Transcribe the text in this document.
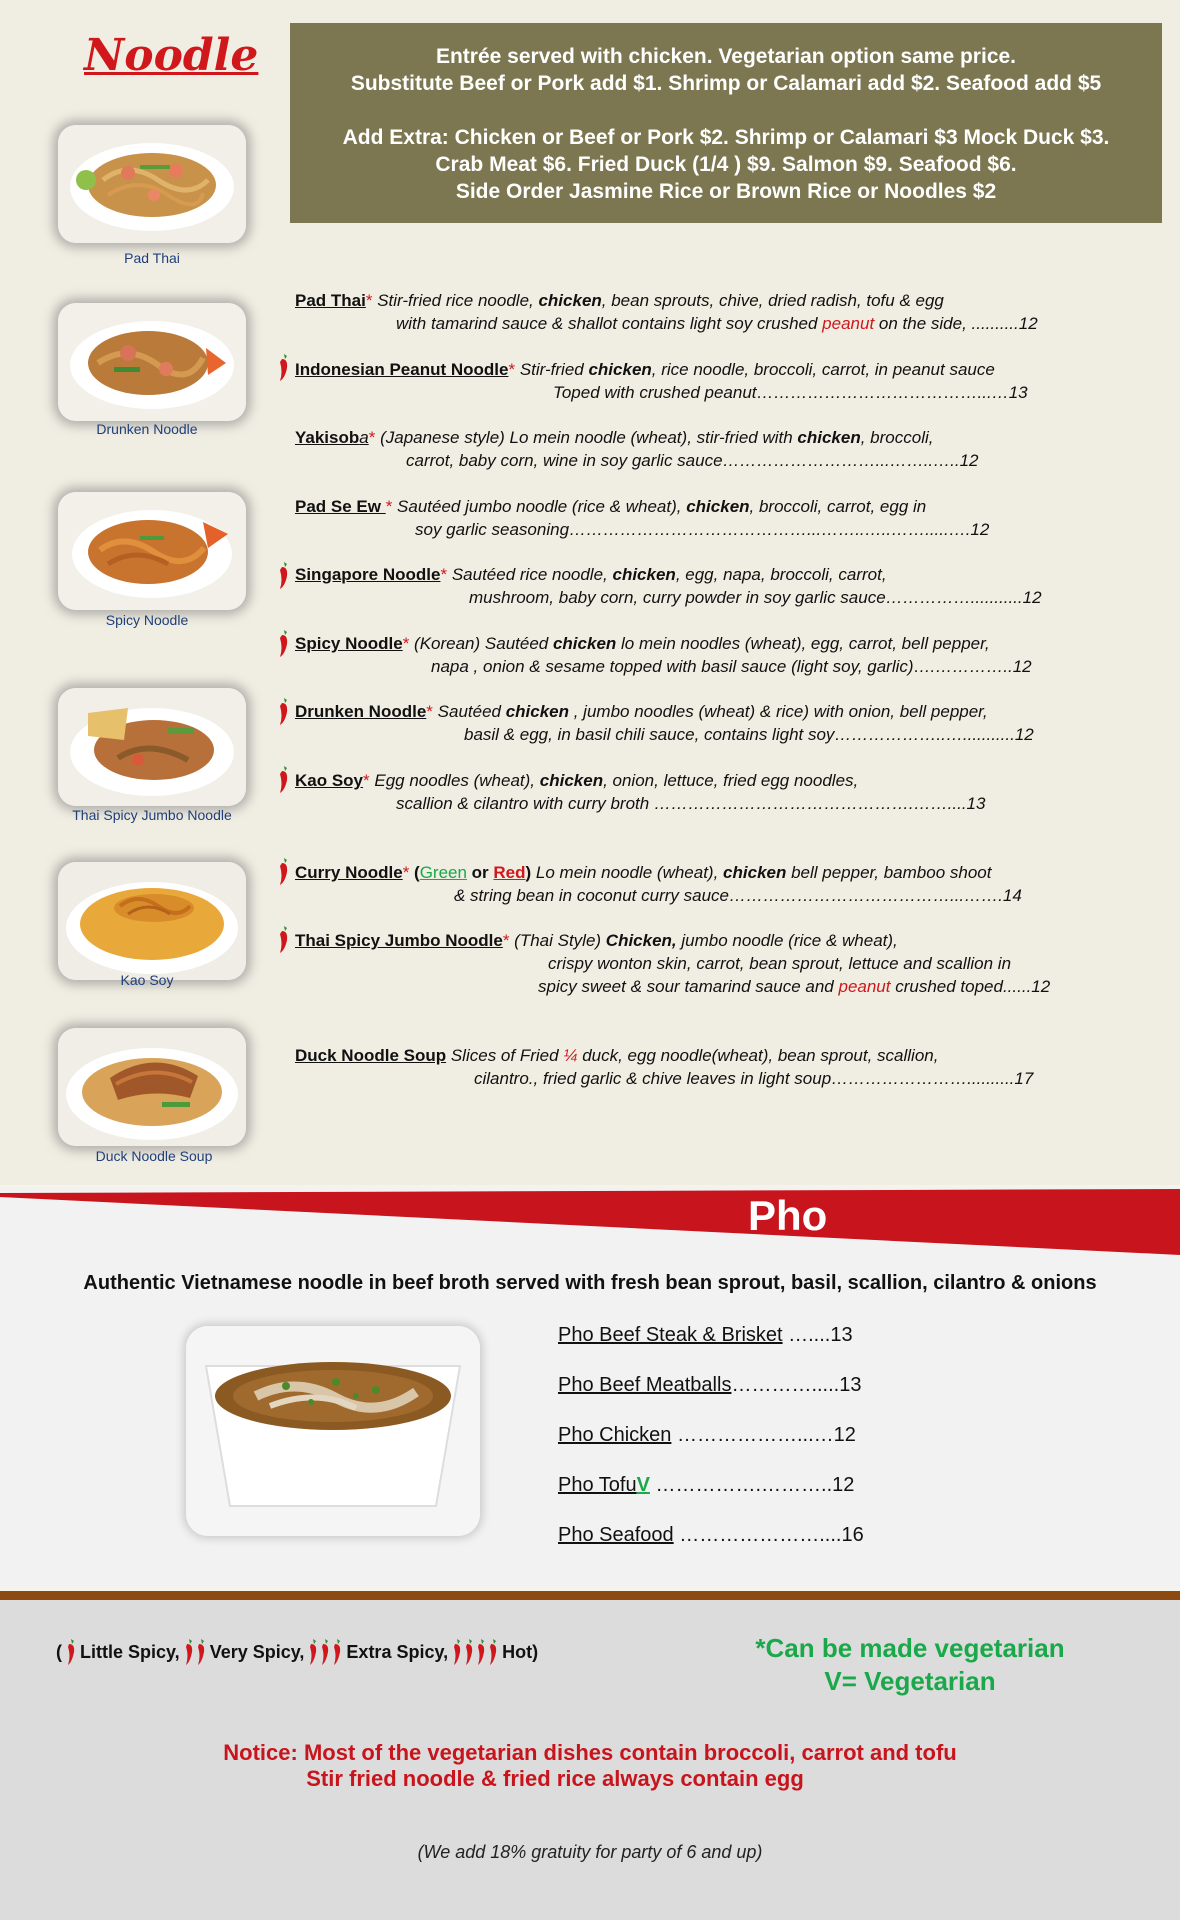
Noodle	Entrée served with chicken. Vegetarian option same price.
Substitute Beef or Pork add $1. Shrimp or Calamari add $2. Seafood add $5
Add Extra: Chicken or Beef or Pork $2. Shrimp or Calamari $3 Mock Duck $3.
Crab Meat $6. Fried Duck (1/4 ) $9. Salmon $9. Seafood $6.
Side Order Jasmine Rice or Brown Rice or Noodles $2
Pad Thai
Drunken Noodle
Spicy Noodle
Thai Spicy Jumbo Noodle
Kao Soy
Duck Noodle Soup
Pad Thai* Stir-fried rice noodle, chicken, bean sprouts, chive, dried radish, tofu & egg
with tamarind sauce & shallot contains light soy crushed peanut on the side, ..........12
Indonesian Peanut Noodle* Stir-fried chicken, rice noodle, broccoli, carrot, in peanut sauce
Toped with crushed peanut…………………………………...…13
Yakisoba* (Japanese style) Lo mein noodle (wheat), stir-fried with chicken, broccoli,
carrot, baby corn, wine in soy garlic sauce………………………...……..…..12
Pad Se Ew * Sautéed jumbo noodle (rice & wheat), chicken, broccoli, carrot, egg in
soy garlic seasoning……………………………………...……..…..…….....….12
Singapore Noodle* Sautéed rice noodle, chicken, egg, napa, broccoli, carrot,
mushroom, baby corn, curry powder in soy garlic sauce……………...........12
Spicy Noodle* (Korean) Sautéed chicken lo mein noodles (wheat), egg, carrot, bell pepper,
napa , onion & sesame topped with basil sauce (light soy, garlic)….…………..12
Drunken Noodle* Sautéed chicken , jumbo noodles (wheat) & rice) with onion, bell pepper,
basil & egg, in basil chili sauce, contains light soy………………..…...........12
Kao Soy* Egg noodles (wheat), chicken, onion, lettuce, fried egg noodles,
scallion & cilantro with curry broth ……………………………………….……....13
Curry Noodle* (Green or Red) Lo mein noodle (wheat), chicken bell pepper, bamboo shoot
& string bean in coconut curry sauce…………………………………...…….14
Thai Spicy Jumbo Noodle* (Thai Style) Chicken, jumbo noodle (rice & wheat),
crispy wonton skin, carrot, bean sprout, lettuce and scallion in
spicy sweet & sour tamarind sauce and peanut crushed toped......12
Duck Noodle Soup Slices of Fried ¼ duck, egg noodle(wheat), bean sprout, scallion,
cilantro., fried garlic & chive leaves in light soup……………………..........17
Pho
Authentic Vietnamese noodle in beef broth served with fresh bean sprout, basil, scallion, cilantro & onions
Pho Beef Steak & Brisket …....13
Pho Beef Meatballs………….....13
Pho Chicken ………………...…12
Pho TofuV …………….………..12
Pho Seafood …………………....16
( Little Spicy, Very Spicy, Extra Spicy,	Hot)	*Can be made vegetarian
V= Vegetarian
Notice: Most of the vegetarian dishes contain broccoli, carrot and tofu
Stir fried noodle & fried rice always contain egg
(We add 18% gratuity for party of 6 and up)
